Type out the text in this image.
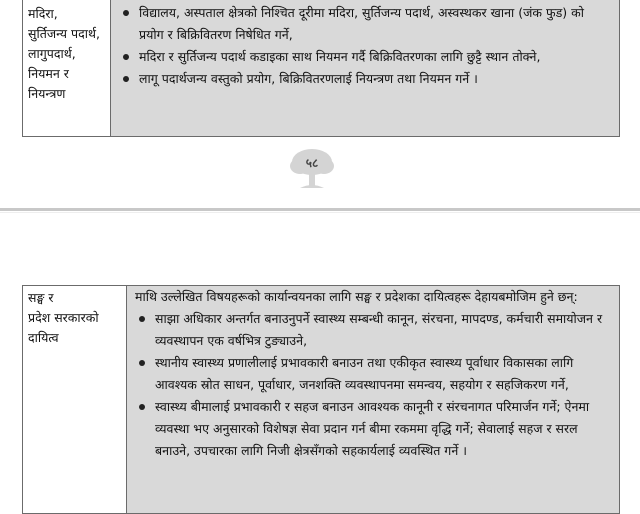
मदिरा,
सुर्तिजन्य पदार्थ,
लागुपदार्थ,
नियमन र
नियन्त्रण
विद्यालय, अस्पताल क्षेत्रको निश्चित दूरीमा मदिरा, सुर्तिजन्य पदार्थ, अस्वस्थकर खाना (जंक फुड) को प्रयोग र बिक्रिवितरण निषेधित गर्ने,
मदिरा र सुर्तिजन्य पदार्थ कडाइका साथ नियमन गर्दै बिक्रिवितरणका लागि छुट्टै स्थान तोक्ने,
लागू पदार्थजन्य वस्तुको प्रयोग, बिक्रिवितरणलाई नियन्त्रण तथा नियमन गर्ने ।
५८
सङ्घ र
प्रदेश सरकारको
दायित्व
माथि उल्लेखित विषयहरूको कार्यान्वयनका लागि सङ्घ र प्रदेशका दायित्वहरू देहायबमोजिम हुने छन्:
साझा अधिकार अन्तर्गत बनाउनुपर्ने स्वास्थ्य सम्बन्धी कानून, संरचना, मापदण्ड, कर्मचारी समायोजन र व्यवस्थापन एक वर्षभित्र टुङ्याउने,
स्थानीय स्वास्थ्य प्रणालीलाई प्रभावकारी बनाउन तथा एकीकृत स्वास्थ्य पूर्वाधार विकासका लागि आवश्यक स्रोत साधन, पूर्वाधार, जनशक्ति व्यवस्थापनमा समन्वय, सहयोग र सहजिकरण गर्ने,
स्वास्थ्य बीमालाई प्रभावकारी र सहज बनाउन आवश्यक कानूनी र संरचनागत परिमार्जन गर्ने; ऐनमा व्यवस्था भए अनुसारको विशेषज्ञ सेवा प्रदान गर्न बीमा रकममा वृद्धि गर्ने; सेवालाई सहज र सरल बनाउने, उपचारका लागि निजी क्षेत्रसँगको सहकार्यलाई व्यवस्थित गर्ने ।
